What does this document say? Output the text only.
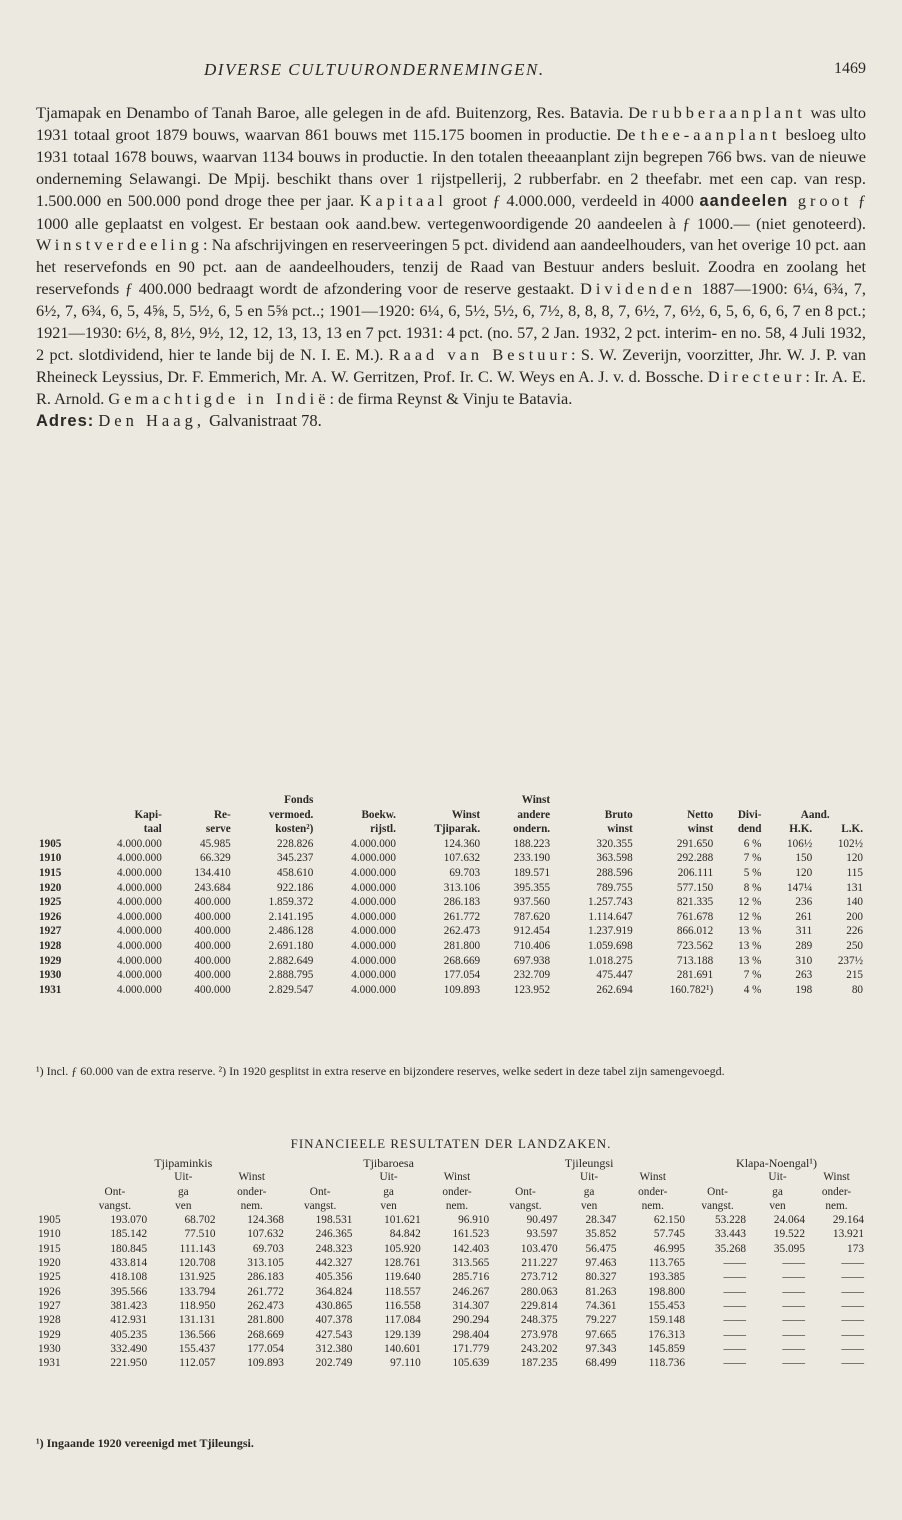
DIVERSE CULTUURONDERNEMINGEN.	1469

Tjamapak en Denambo of Tanah Baroe, alle gelegen in de afd. Buitenzorg, Res. Batavia. De rubberaanplant was ulto 1931 totaal groot 1879 bouws, waarvan 861 bouws met 115.175 boomen in productie. De thee-aanplant besloeg ulto 1931 totaal 1678 bouws, waarvan 1134 bouws in productie. In den totalen theeaanplant zijn begrepen 766 bws. van de nieuwe onderneming Selawangi. De Mpij. beschikt thans over 1 rijstpellerij, 2 rubberfabr. en 2 theefabr. met een cap. van resp. 1.500.000 en 500.000 pond droge thee per jaar. Kapitaal groot ƒ 4.000.000, verdeeld in 4000 aandeelen groot ƒ 1000 alle geplaatst en volgest. Er bestaan ook aand.bew. vertegenwoordigende 20 aandeelen à ƒ 1000.— (niet genoteerd). Winstverdeeling: Na afschrijvingen en reserveeringen 5 pct. dividend aan aandeelhouders, van het overige 10 pct. aan het reservefonds en 90 pct. aan de aandeelhouders, tenzij de Raad van Bestuur anders besluit. Zoodra en zoolang het reservefonds ƒ 400.000 bedraagt wordt de afzondering voor de reserve gestaakt. Dividenden 1887—1900: 6¼, 6¾, 7, 6½, 7, 6¾, 6, 5, 4⅝, 5, 5½, 6, 5 en 5⅝ pct..; 1901—1920: 6¼, 6, 5½, 5½, 6, 7½, 8, 8, 8, 7, 6½, 7, 6½, 6, 5, 6, 6, 6, 7 en 8 pct.; 1921—1930: 6½, 8, 8½, 9½, 12, 12, 13, 13, 13 en 7 pct. 1931: 4 pct. (no. 57, 2 Jan. 1932, 2 pct. interim- en no. 58, 4 Juli 1932, 2 pct. slotdividend, hier te lande bij de N. I. E. M.). Raad van Bestuur: S. W. Zeverijn, voorzitter, Jhr. W. J. P. van Rheineck Leyssius, Dr. F. Emmerich, Mr. A. W. Gerritzen, Prof. Ir. C. W. Weys en A. J. v. d. Bossche. Directeur: Ir. A. E. R. Arnold. Gemachtigde in Indië: de firma Reynst & Vinju te Batavia.

Adres: Den Haag, Galvanistraat 78.

			Fonds			Winst					
	Kapi-	Re-	vermoed.	Boekw.	Winst	andere	Bruto	Netto	Divi-	Aand.	
	taal	serve	kosten²)	rijstl.	Tjiparak.	ondern.	winst	winst	dend	H.K.	L.K.
1905	4.000.000	45.985	228.826	4.000.000	124.360	188.223	320.355	291.650	6 %	106½	102½
1910	4.000.000	66.329	345.237	4.000.000	107.632	233.190	363.598	292.288	7 %	150	120
1915	4.000.000	134.410	458.610	4.000.000	69.703	189.571	288.596	206.111	5 %	120	115
1920	4.000.000	243.684	922.186	4.000.000	313.106	395.355	789.755	577.150	8 %	147¼	131
1925	4.000.000	400.000	1.859.372	4.000.000	286.183	937.560	1.257.743	821.335	12 %	236	140
1926	4.000.000	400.000	2.141.195	4.000.000	261.772	787.620	1.114.647	761.678	12 %	261	200
1927	4.000.000	400.000	2.486.128	4.000.000	262.473	912.454	1.237.919	866.012	13 %	311	226
1928	4.000.000	400.000	2.691.180	4.000.000	281.800	710.406	1.059.698	723.562	13 %	289	250
1929	4.000.000	400.000	2.882.649	4.000.000	268.669	697.938	1.018.275	713.188	13 %	310	237½
1930	4.000.000	400.000	2.888.795	4.000.000	177.054	232.709	475.447	281.691	7 %	263	215
1931	4.000.000	400.000	2.829.547	4.000.000	109.893	123.952	262.694	160.782¹)	4 %	198	80
¹) Incl. ƒ 60.000 van de extra reserve. ²) In 1920 gesplitst in extra reserve en bijzondere reserves, welke sedert in deze tabel zijn samengevoegd.
FINANCIEELE RESULTATEN DER LANDZAKEN.
	Tjipaminkis			Tjibaroesa			Tjileungsi			Klapa-Noengal¹)		
		Uit-	Winst		Uit-	Winst		Uit-	Winst		Uit-	Winst
	Ont-	ga	onder-	Ont-	ga	onder-	Ont-	ga	onder-	Ont-	ga	onder-
	vangst.	ven	nem.	vangst.	ven	nem.	vangst.	ven	nem.	vangst.	ven	nem.
1905	193.070	68.702	124.368	198.531	101.621	96.910	90.497	28.347	62.150	53.228	24.064	29.164
1910	185.142	77.510	107.632	246.365	84.842	161.523	93.597	35.852	57.745	33.443	19.522	13.921
1915	180.845	111.143	69.703	248.323	105.920	142.403	103.470	56.475	46.995	35.268	35.095	173
1920	433.814	120.708	313.105	442.327	128.761	313.565	211.227	97.463	113.765	——	——	——
1925	418.108	131.925	286.183	405.356	119.640	285.716	273.712	80.327	193.385	——	——	——
1926	395.566	133.794	261.772	364.824	118.557	246.267	280.063	81.263	198.800	——	——	——
1927	381.423	118.950	262.473	430.865	116.558	314.307	229.814	74.361	155.453	——	——	——
1928	412.931	131.131	281.800	407.378	117.084	290.294	248.375	79.227	159.148	——	——	——
1929	405.235	136.566	268.669	427.543	129.139	298.404	273.978	97.665	176.313	——	——	——
1930	332.490	155.437	177.054	312.380	140.601	171.779	243.202	97.343	145.859	——	——	——
1931	221.950	112.057	109.893	202.749	97.110	105.639	187.235	68.499	118.736	——	——	——
¹) Ingaande 1920 vereenigd met Tjileungsi.
